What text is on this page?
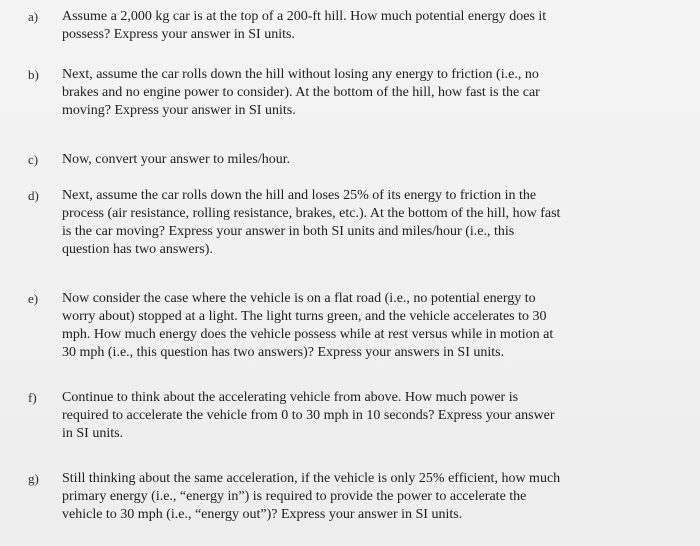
a)	Assume a 2,000 kg car is at the top of a 200-ft hill. How much potential energy does it
possess? Express your answer in SI units.
b)	Next, assume the car rolls down the hill without losing any energy to friction (i.e., no
brakes and no engine power to consider). At the bottom of the hill, how fast is the car
moving? Express your answer in SI units.
c)	Now, convert your answer to miles/hour.
d)	Next, assume the car rolls down the hill and loses 25% of its energy to friction in the
process (air resistance, rolling resistance, brakes, etc.). At the bottom of the hill, how fast
is the car moving? Express your answer in both SI units and miles/hour (i.e., this
question has two answers).
e)	Now consider the case where the vehicle is on a flat road (i.e., no potential energy to
worry about) stopped at a light. The light turns green, and the vehicle accelerates to 30
mph. How much energy does the vehicle possess while at rest versus while in motion at
30 mph (i.e., this question has two answers)? Express your answers in SI units.
f)	Continue to think about the accelerating vehicle from above. How much power is
required to accelerate the vehicle from 0 to 30 mph in 10 seconds? Express your answer
in SI units.
g)	Still thinking about the same acceleration, if the vehicle is only 25% efficient, how much
primary energy (i.e., “energy in”) is required to provide the power to accelerate the
vehicle to 30 mph (i.e., “energy out”)? Express your answer in SI units.
